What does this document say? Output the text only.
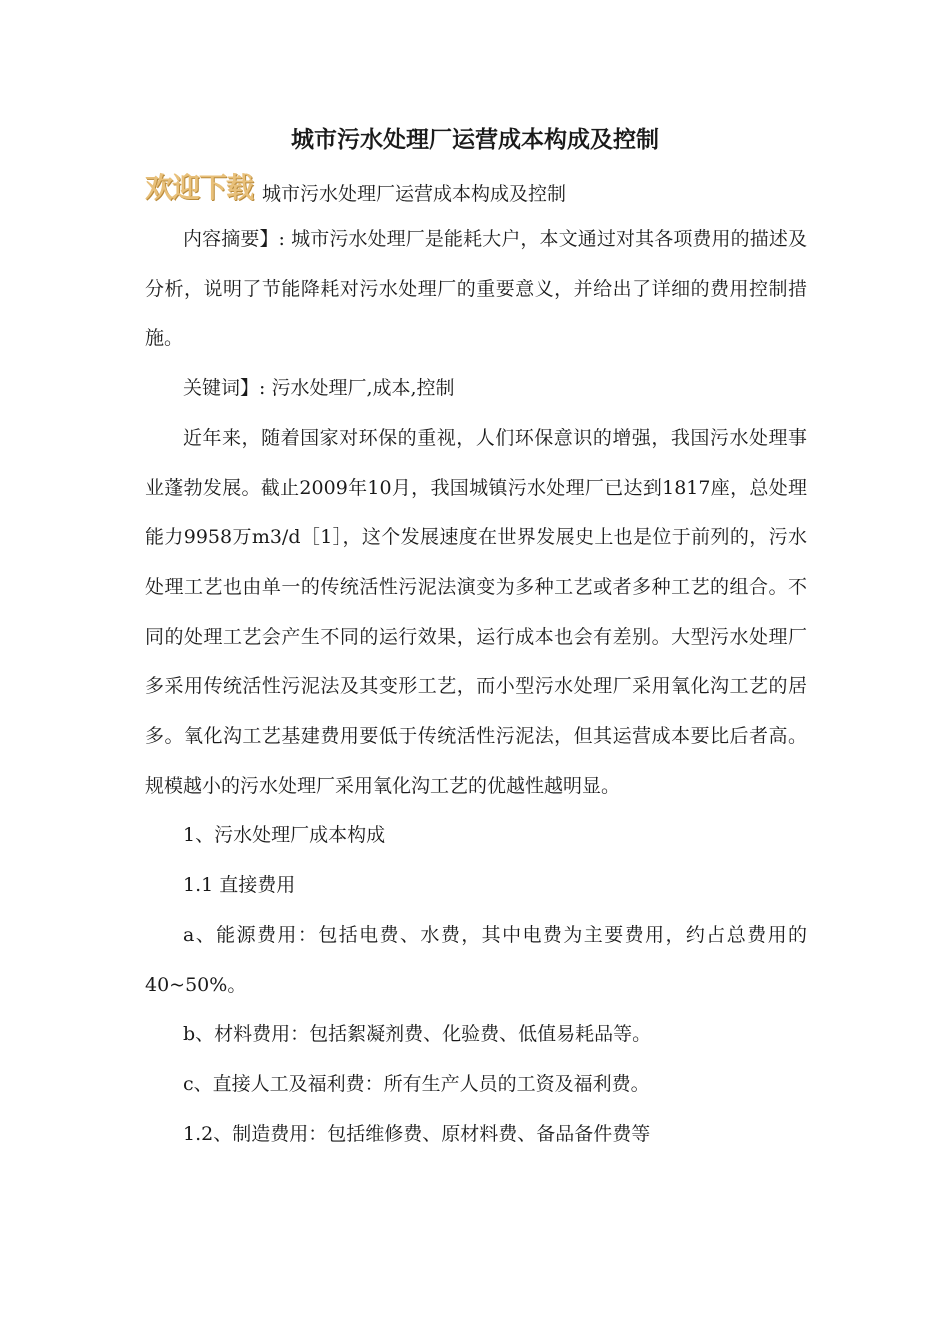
城市污水处理厂运营成本构成及控制
欢迎下载 城市污水处理厂运营成本构成及控制

内容摘要】: 城市污水处理厂是能耗大户，本文通过对其各项费用的描述及分析，说明了节能降耗对污水处理厂的重要意义，并给出了详细的费用控制措施。

关键词】: 污水处理厂,成本,控制

近年来，随着国家对环保的重视，人们环保意识的增强，我国污水处理事业蓬勃发展。截止2009年10月，我国城镇污水处理厂已达到1817座，总处理能力9958万m3/d［1］，这个发展速度在世界发展史上也是位于前列的，污水处理工艺也由单一的传统活性污泥法演变为多种工艺或者多种工艺的组合。不同的处理工艺会产生不同的运行效果，运行成本也会有差别。大型污水处理厂多采用传统活性污泥法及其变形工艺，而小型污水处理厂采用氧化沟工艺的居多。氧化沟工艺基建费用要低于传统活性污泥法，但其运营成本要比后者高。规模越小的污水处理厂采用氧化沟工艺的优越性越明显。

1、污水处理厂成本构成

1.1 直接费用

a、能源费用：包括电费、水费，其中电费为主要费用，约占总费用的 40~50%。

b、材料费用：包括絮凝剂费、化验费、低值易耗品等。

c、直接人工及福利费：所有生产人员的工资及福利费。

1.2、制造费用：包括维修费、原材料费、备品备件费等
